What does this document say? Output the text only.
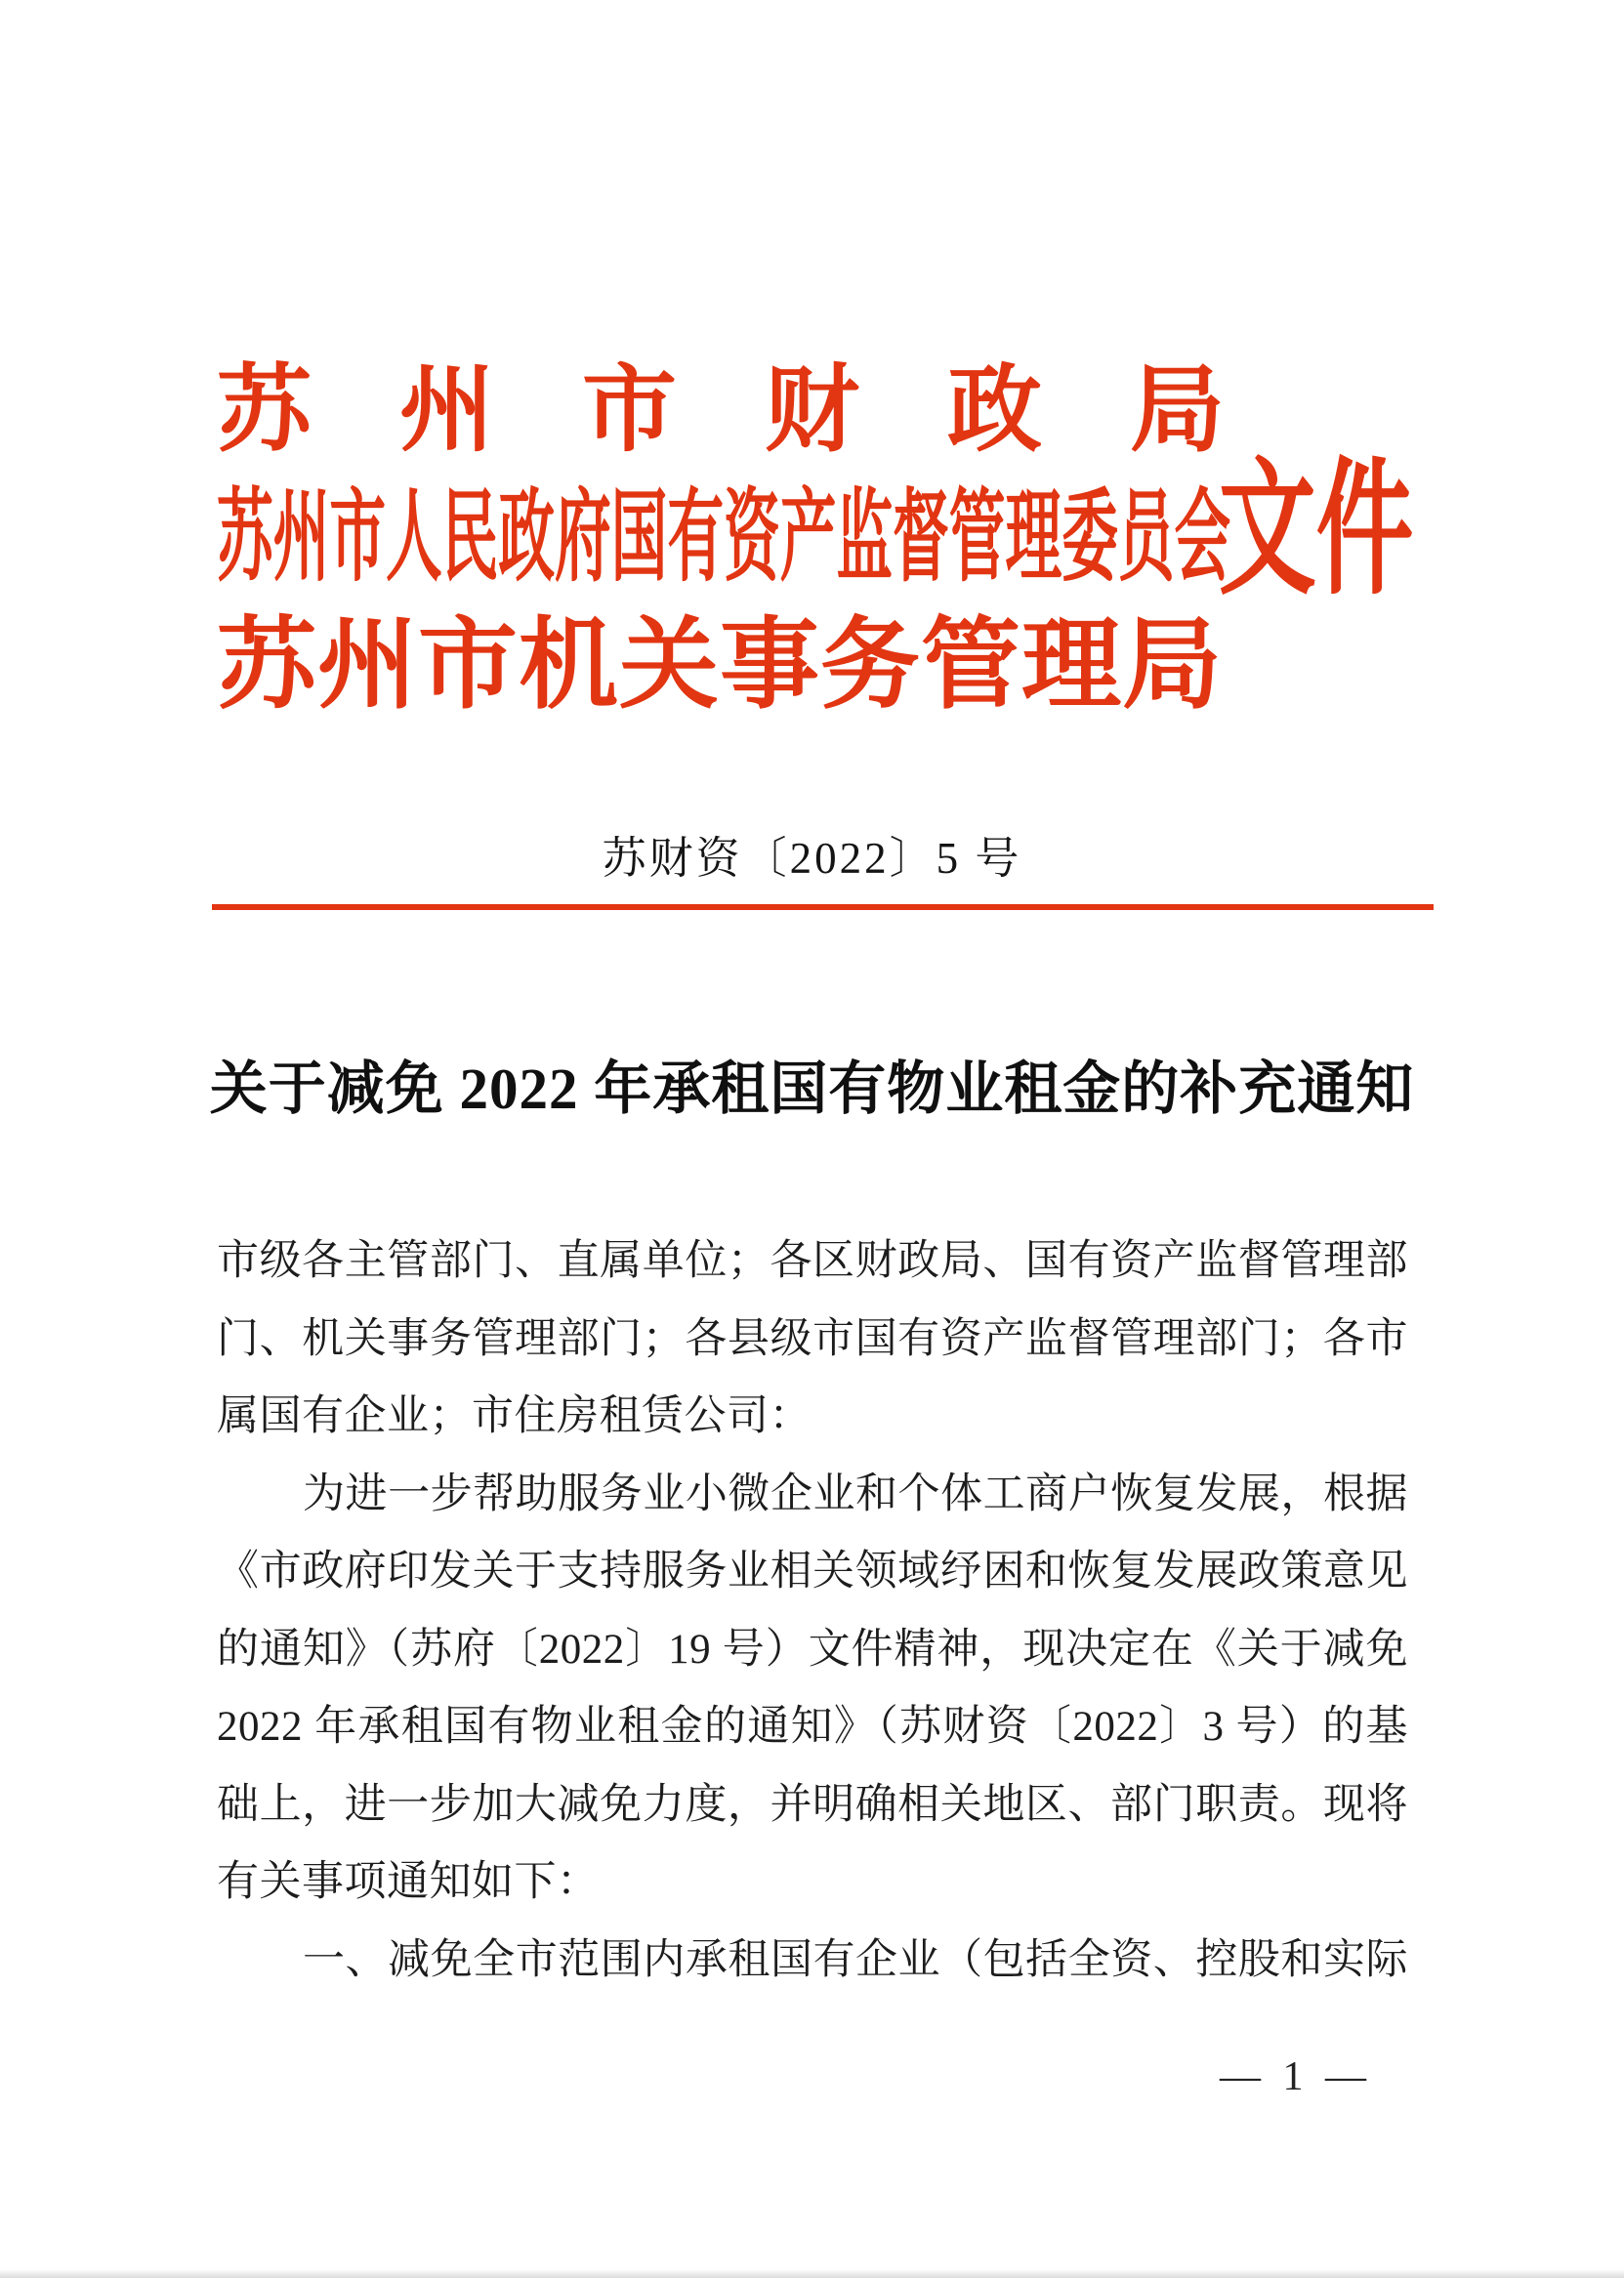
苏州市财政局
苏州市人民政府国有资产监督管理委员会
苏州市机关事务管理局
文件
苏财资〔2022〕5 号
关于减免 2022 年承租国有物业租金的补充通知
市级各主管部门、直属单位；各区财政局、国有资产监督管理部
门、机关事务管理部门；各县级市国有资产监督管理部门；各市
属国有企业；市住房租赁公司：
为进一步帮助服务业小微企业和个体工商户恢复发展，根据
《市政府印发关于支持服务业相关领域纾困和恢复发展政策意见
的通知》（苏府〔2022〕19 号）文件精神，现决定在《关于减免
2022 年承租国有物业租金的通知》（苏财资〔2022〕3 号）的基
础上，进一步加大减免力度，并明确相关地区、部门职责。现将
有关事项通知如下：
一、减免全市范围内承租国有企业（包括全资、控股和实际
— 1 —
